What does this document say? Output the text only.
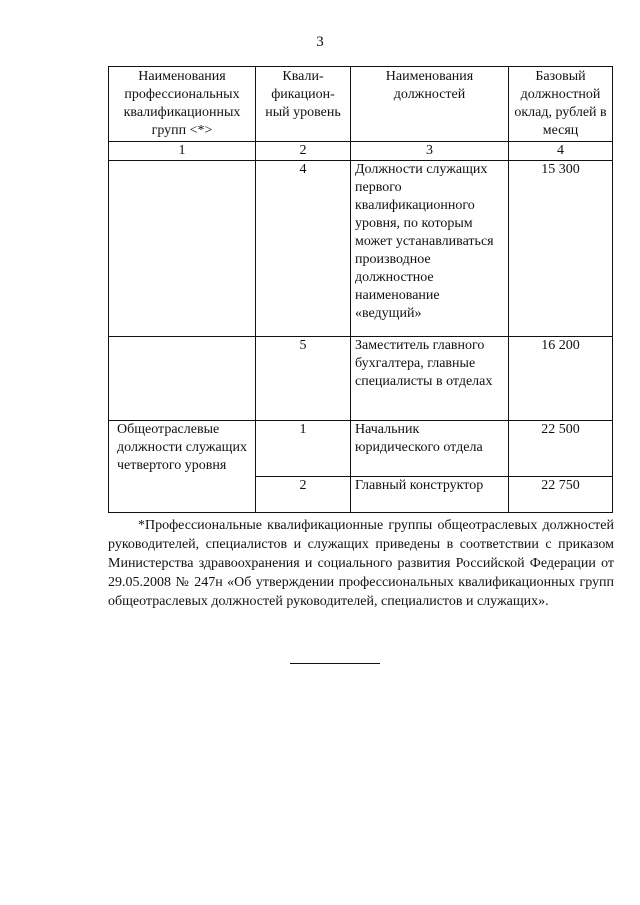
3
Наименования профессиональных квалификационных групп <*>	Квали-фикацион-ный уровень	Наименования должностей	Базовый должностной оклад, рублей в месяц
1	2	3	4
	4	Должности служащих первого квалификационного уровня, по которым может устанавливаться производное должностное наименование «ведущий»	15 300
	5	Заместитель главного бухгалтера, главные специалисты в отделах	16 200
Общеотраслевые должности служащих четвертого уровня	1	Начальник юридического отдела	22 500
	2	Главный конструктор	22 750
*Профессиональные квалификационные группы общеотраслевых должностей руководителей, специалистов и служащих приведены в соответствии с приказом Министерства здравоохранения и социального развития Российской Федерации от 29.05.2008 № 247н «Об утверждении профессиональных квалификационных групп общеотраслевых должностей руководителей, специалистов и служащих».
